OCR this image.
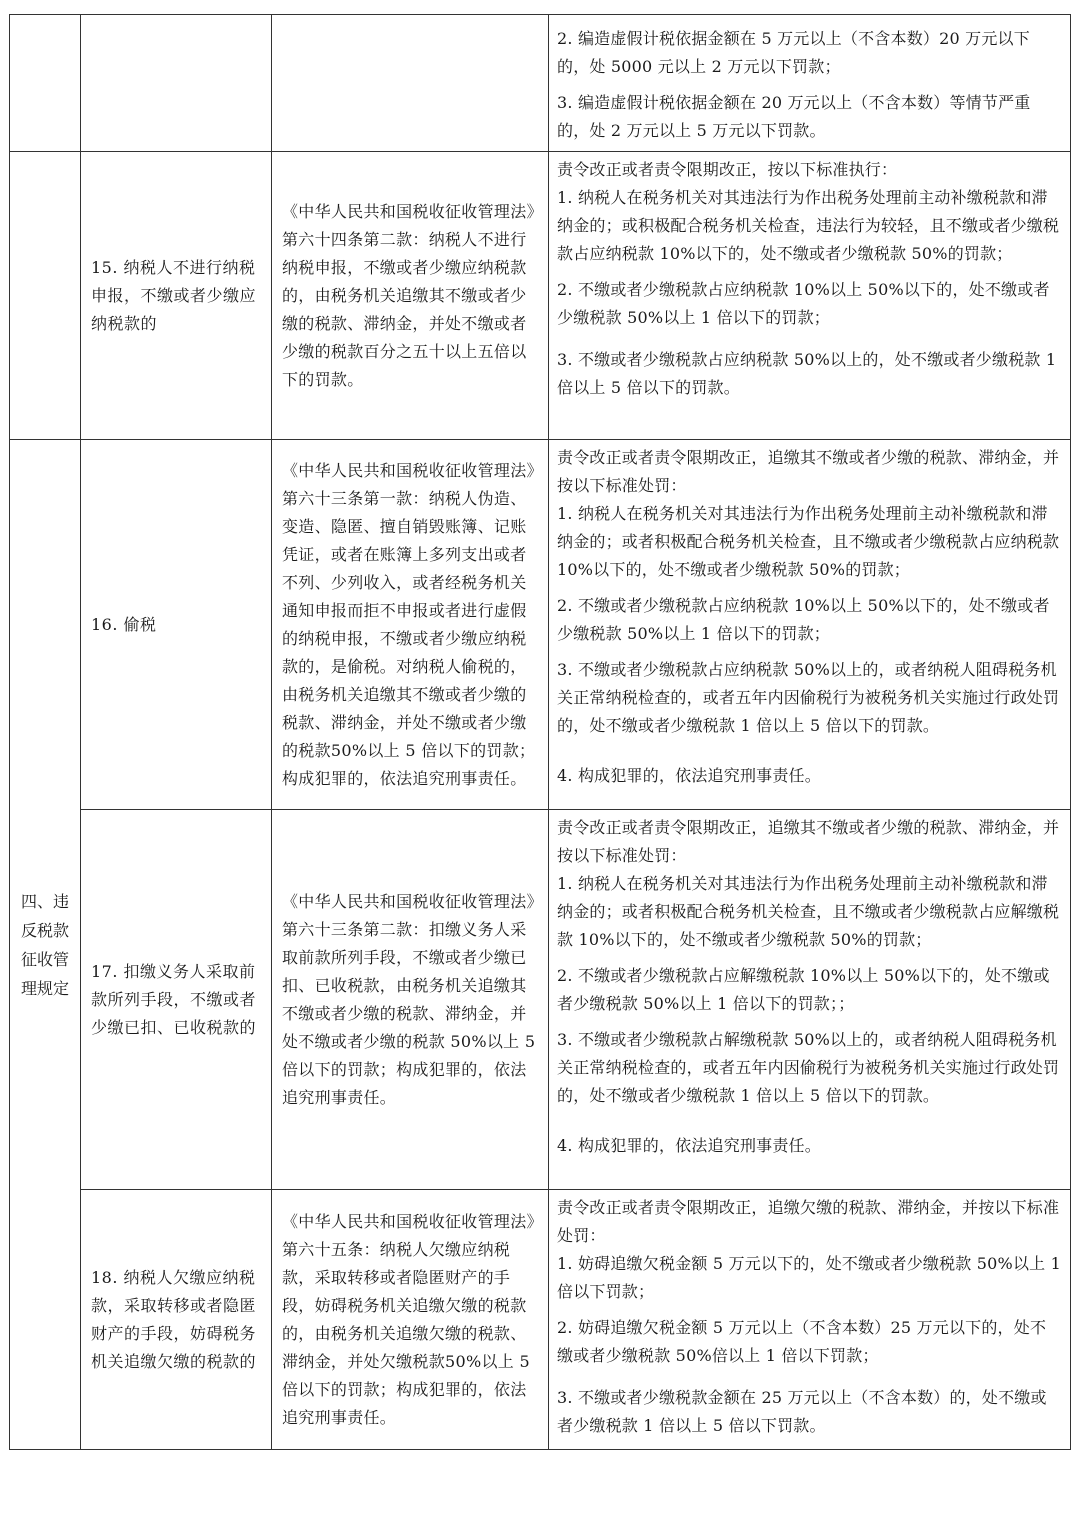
			2. 编造虚假计税依据金额在 5 万元以上（不含本数）20 万元以下的，处 5000 元以上 2 万元以下罚款；

3. 编造虚假计税依据金额在 20 万元以上（不含本数）等情节严重的，处 2 万元以上 5 万元以下罚款。

	15. 纳税人不进行纳税申报，不缴或者少缴应纳税款的	《中华人民共和国税收征收管理法》第六十四条第二款：纳税人不进行纳税申报，不缴或者少缴应纳税款的，由税务机关追缴其不缴或者少缴的税款、滞纳金，并处不缴或者少缴的税款百分之五十以上五倍以下的罚款。	责令改正或者责令限期改正，按以下标准执行：

1. 纳税人在税务机关对其违法行为作出税务处理前主动补缴税款和滞纳金的；或积极配合税务机关检查，违法行为较轻，且不缴或者少缴税款占应纳税款 10%以下的，处不缴或者少缴税款 50%的罚款；

2. 不缴或者少缴税款占应纳税款 10%以上 50%以下的，处不缴或者少缴税款 50%以上 1 倍以下的罚款；

3. 不缴或者少缴税款占应纳税款 50%以上的，处不缴或者少缴税款 1 倍以上 5 倍以下的罚款。

四、违反税款征收管理规定	16. 偷税	《中华人民共和国税收征收管理法》第六十三条第一款：纳税人伪造、变造、隐匿、擅自销毁账簿、记账凭证，或者在账簿上多列支出或者不列、少列收入，或者经税务机关通知申报而拒不申报或者进行虚假的纳税申报，不缴或者少缴应纳税款的，是偷税。对纳税人偷税的，由税务机关追缴其不缴或者少缴的税款、滞纳金，并处不缴或者少缴的税款50%以上 5 倍以下的罚款；构成犯罪的，依法追究刑事责任。	责令改正或者责令限期改正，追缴其不缴或者少缴的税款、滞纳金，并按以下标准处罚：

1. 纳税人在税务机关对其违法行为作出税务处理前主动补缴税款和滞纳金的；或者积极配合税务机关检查，且不缴或者少缴税款占应纳税款 10%以下的，处不缴或者少缴税款 50%的罚款；

2. 不缴或者少缴税款占应纳税款 10%以上 50%以下的，处不缴或者少缴税款 50%以上 1 倍以下的罚款；

3. 不缴或者少缴税款占应纳税款 50%以上的，或者纳税人阻碍税务机关正常纳税检查的，或者五年内因偷税行为被税务机关实施过行政处罚的，处不缴或者少缴税款 1 倍以上 5 倍以下的罚款。

4. 构成犯罪的，依法追究刑事责任。

	17. 扣缴义务人采取前款所列手段，不缴或者少缴已扣、已收税款的	《中华人民共和国税收征收管理法》第六十三条第二款：扣缴义务人采取前款所列手段，不缴或者少缴已扣、已收税款，由税务机关追缴其不缴或者少缴的税款、滞纳金，并处不缴或者少缴的税款 50%以上 5 倍以下的罚款；构成犯罪的，依法追究刑事责任。	责令改正或者责令限期改正，追缴其不缴或者少缴的税款、滞纳金，并按以下标准处罚：

1. 纳税人在税务机关对其违法行为作出税务处理前主动补缴税款和滞纳金的；或者积极配合税务机关检查，且不缴或者少缴税款占应解缴税款 10%以下的，处不缴或者少缴税款 50%的罚款；

2. 不缴或者少缴税款占应解缴税款 10%以上 50%以下的，处不缴或者少缴税款 50%以上 1 倍以下的罚款；；

3. 不缴或者少缴税款占解缴税款 50%以上的，或者纳税人阻碍税务机关正常纳税检查的，或者五年内因偷税行为被税务机关实施过行政处罚的，处不缴或者少缴税款 1 倍以上 5 倍以下的罚款。

4. 构成犯罪的，依法追究刑事责任。

	18. 纳税人欠缴应纳税款，采取转移或者隐匿财产的手段，妨碍税务机关追缴欠缴的税款的	《中华人民共和国税收征收管理法》第六十五条：纳税人欠缴应纳税款，采取转移或者隐匿财产的手段，妨碍税务机关追缴欠缴的税款的，由税务机关追缴欠缴的税款、滞纳金，并处欠缴税款50%以上 5 倍以下的罚款；构成犯罪的，依法追究刑事责任。	责令改正或者责令限期改正，追缴欠缴的税款、滞纳金，并按以下标准处罚：

1. 妨碍追缴欠税金额 5 万元以下的，处不缴或者少缴税款 50%以上 1 倍以下罚款；

2. 妨碍追缴欠税金额 5 万元以上（不含本数）25 万元以下的，处不缴或者少缴税款 50%倍以上 1 倍以下罚款；

3. 不缴或者少缴税款金额在 25 万元以上（不含本数）的，处不缴或者少缴税款 1 倍以上 5 倍以下罚款。
